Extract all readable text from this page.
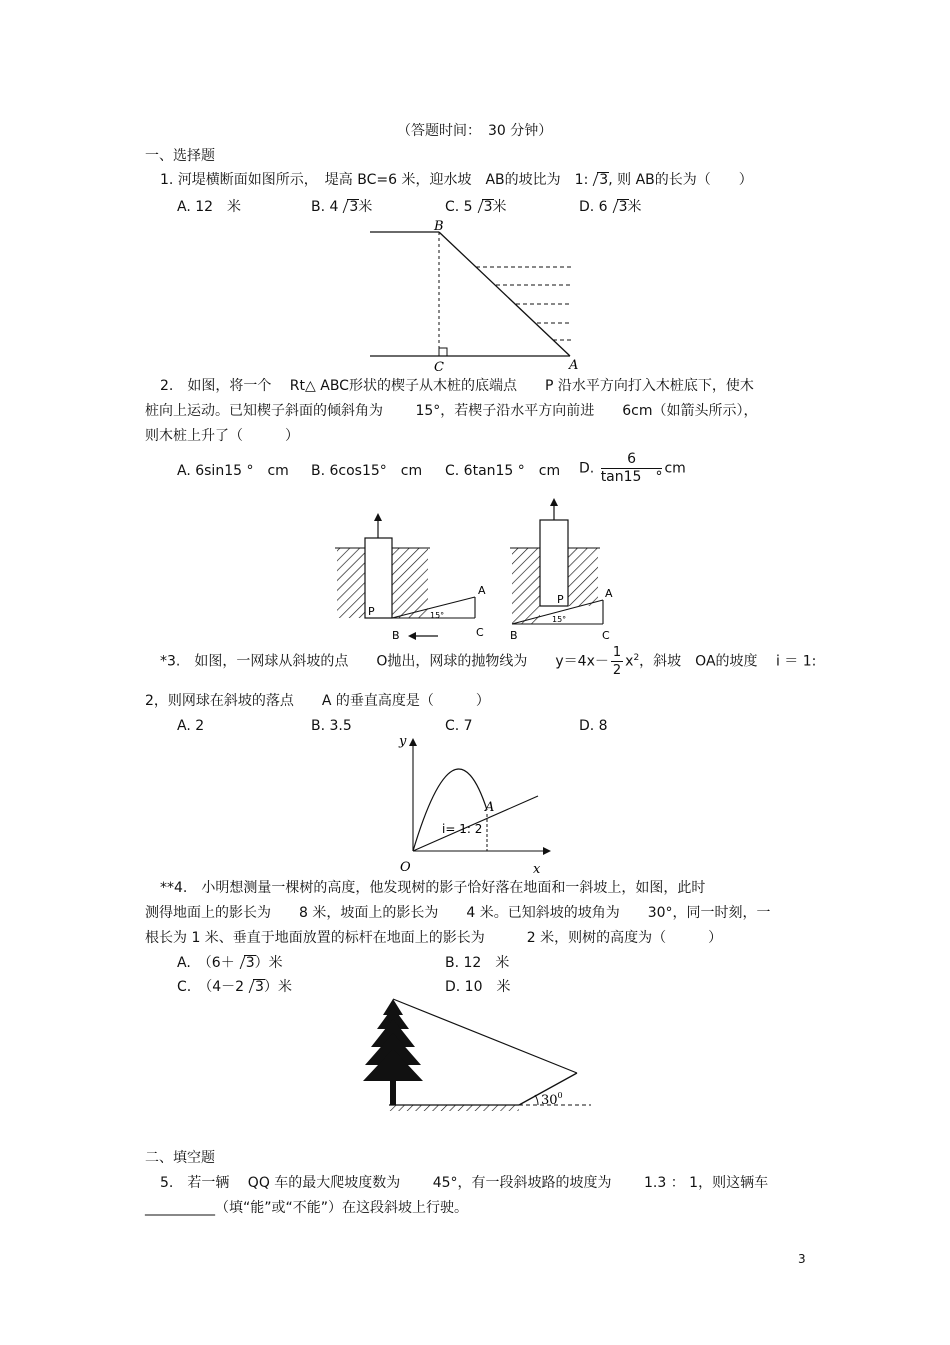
（答题时间：　30 分钟）
一、选择题
1. 河堤横断面如图所示，　堤高 BC=6 米，迎水坡　AB的坡比为　1: 3, 则 AB的长为（　　）
A. 12　米	B. 4 3米	C. 5 3米	D. 6 3米
B
C	A
2.　如图，将一个　 Rt△ ABC形状的楔子从木桩的底端点　　P 沿水平方向打入木桩底下，使木
桩向上运动。已知楔子斜面的倾斜角为　　 15°，若楔子沿水平方向前进　　6cm（如箭头所示），
则木桩上升了（　　　）
A. 6sin15 °　cm B. 6cos15°　cm C. 6tan15 °　cm D. $\frac{6}{\tan 15 ^\circ}$ cm
P
A
B	C
15°
P	A
B	C
15°
*3.　如图，一网球从斜坡的点　　O抛出，网球的抛物线为　　$y=4x- \frac{1}{2} x^2$，斜坡　OA的坡度　 i ＝ 1:
2，则网球在斜坡的落点　　A 的垂直高度是（　　　）
A. 2	B. 3.5	C. 7	D. 8
y
x
O
A
i= 1: 2
**4.　小明想测量一棵树的高度，他发现树的影子恰好落在地面和一斜坡上，如图，此时
测得地面上的影长为　　8 米，坡面上的影长为　　4 米。已知斜坡的坡角为　　30°，同一时刻，一
根长为 1 米、垂直于地面放置的标杆在地面上的影长为　　　2 米，则树的高度为（　　　）
A.　（6＋ 3）米	B. 12　米
C.　（4－2 3）米	D. 10　米
$30^0$
二、填空题
5.　若一辆　 QQ 车的最大爬坡度数为　　 45°，有一段斜坡路的坡度为　　 1.3 ： 1，则这辆车
__________（填“能”或“不能”）在这段斜坡上行驶。
3
